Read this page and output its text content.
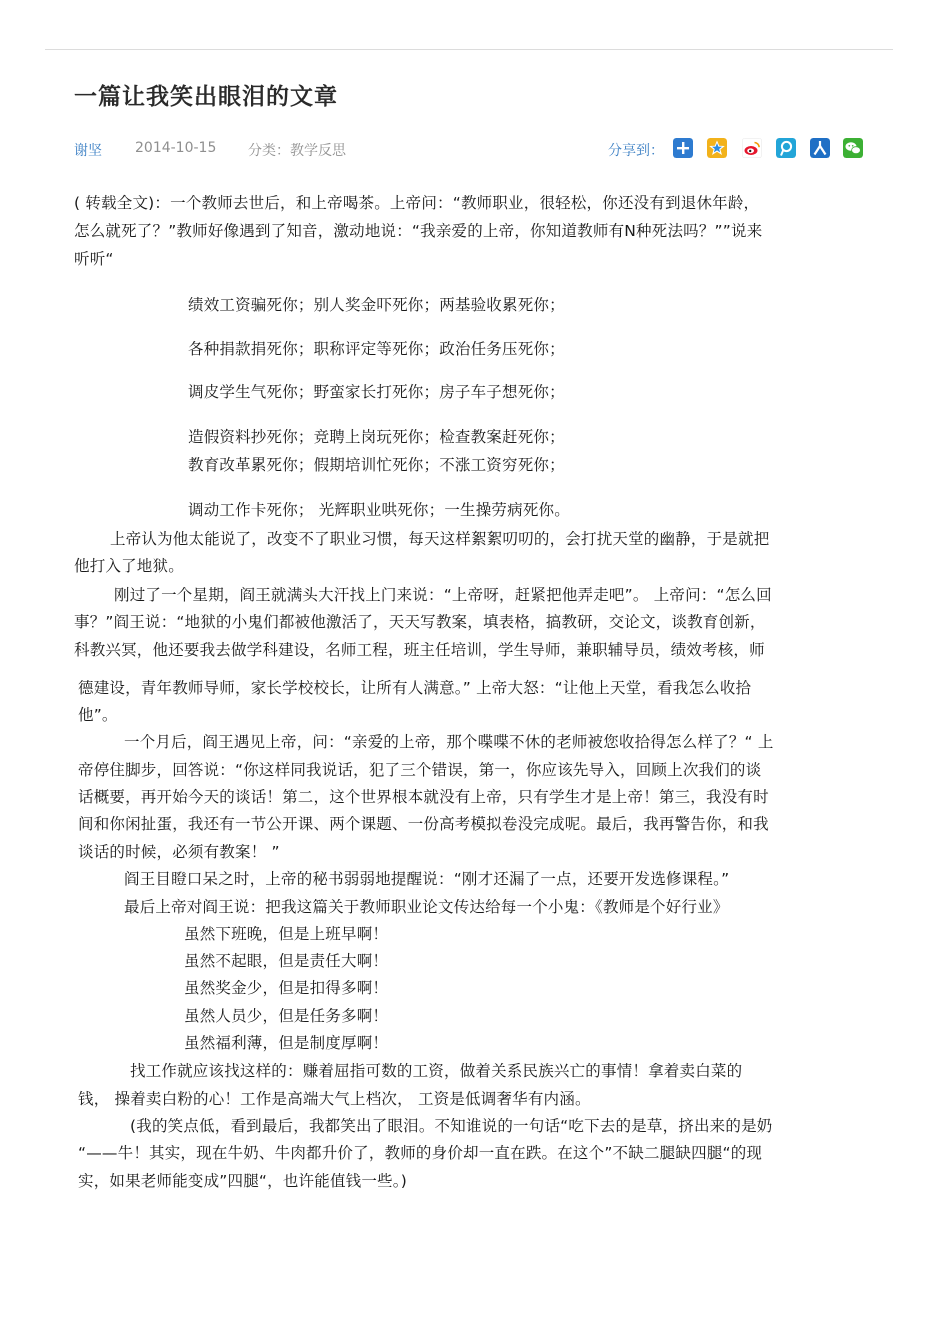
一篇让我笑出眼泪的文章
谢坚 2014-10-15 分类：教学反思	分享到：
( 转载全文)：一个教师去世后，和上帝喝茶。上帝问：“教师职业，很轻松，你还没有到退休年龄，
怎么就死了？”教师好像遇到了知音，激动地说：“我亲爱的上帝，你知道教师有N种死法吗？””说来
听听“
绩效工资骗死你；别人奖金吓死你；两基验收累死你；
各种捐款捐死你；职称评定等死你；政治任务压死你；
调皮学生气死你；野蛮家长打死你；房子车子想死你；
造假资料抄死你；竞聘上岗玩死你；检查教案赶死你；
教育改革累死你；假期培训忙死你；不涨工资穷死你；
调动工作卡死你； 光辉职业哄死你；一生操劳病死你。
上帝认为他太能说了，改变不了职业习惯，每天这样絮絮叨叨的，会打扰天堂的幽静，于是就把
他打入了地狱。
刚过了一个星期，阎王就满头大汗找上门来说：“上帝呀，赶紧把他弄走吧”。 上帝问：“怎么回
事？”阎王说：“地狱的小鬼们都被他激活了，天天写教案，填表格，搞教研，交论文，谈教育创新，
科教兴冥，他还要我去做学科建设，名师工程，班主任培训，学生导师，兼职辅导员，绩效考核，师
德建设，青年教师导师，家长学校校长，让所有人满意。” 上帝大怒：“让他上天堂，看我怎么收拾
他”。
一个月后，阎王遇见上帝，问：“亲爱的上帝，那个喋喋不休的老师被您收拾得怎么样了？“ 上
帝停住脚步，回答说：“你这样同我说话，犯了三个错误，第一，你应该先导入，回顾上次我们的谈
话概要，再开始今天的谈话！第二，这个世界根本就没有上帝，只有学生才是上帝！第三，我没有时
间和你闲扯蛋，我还有一节公开课、两个课题、一份高考模拟卷没完成呢。最后，我再警告你，和我
谈话的时候，必须有教案！ ”
阎王目瞪口呆之时，上帝的秘书弱弱地提醒说：“刚才还漏了一点，还要开发选修课程。”
最后上帝对阎王说：把我这篇关于教师职业论文传达给每一个小鬼：《教师是个好行业》
虽然下班晚，但是上班早啊！
虽然不起眼，但是责任大啊！
虽然奖金少，但是扣得多啊！
虽然人员少，但是任务多啊！
虽然福利薄，但是制度厚啊！
找工作就应该找这样的：赚着屈指可数的工资，做着关系民族兴亡的事情！拿着卖白菜的
钱， 操着卖白粉的心！工作是高端大气上档次， 工资是低调奢华有内涵。
(我的笑点低，看到最后，我都笑出了眼泪。不知谁说的一句话“吃下去的是草，挤出来的是奶
“——牛！其实，现在牛奶、牛肉都升价了，教师的身价却一直在跌。在这个”不缺二腿缺四腿“的现
实，如果老师能变成”四腿“，也许能值钱一些。)
